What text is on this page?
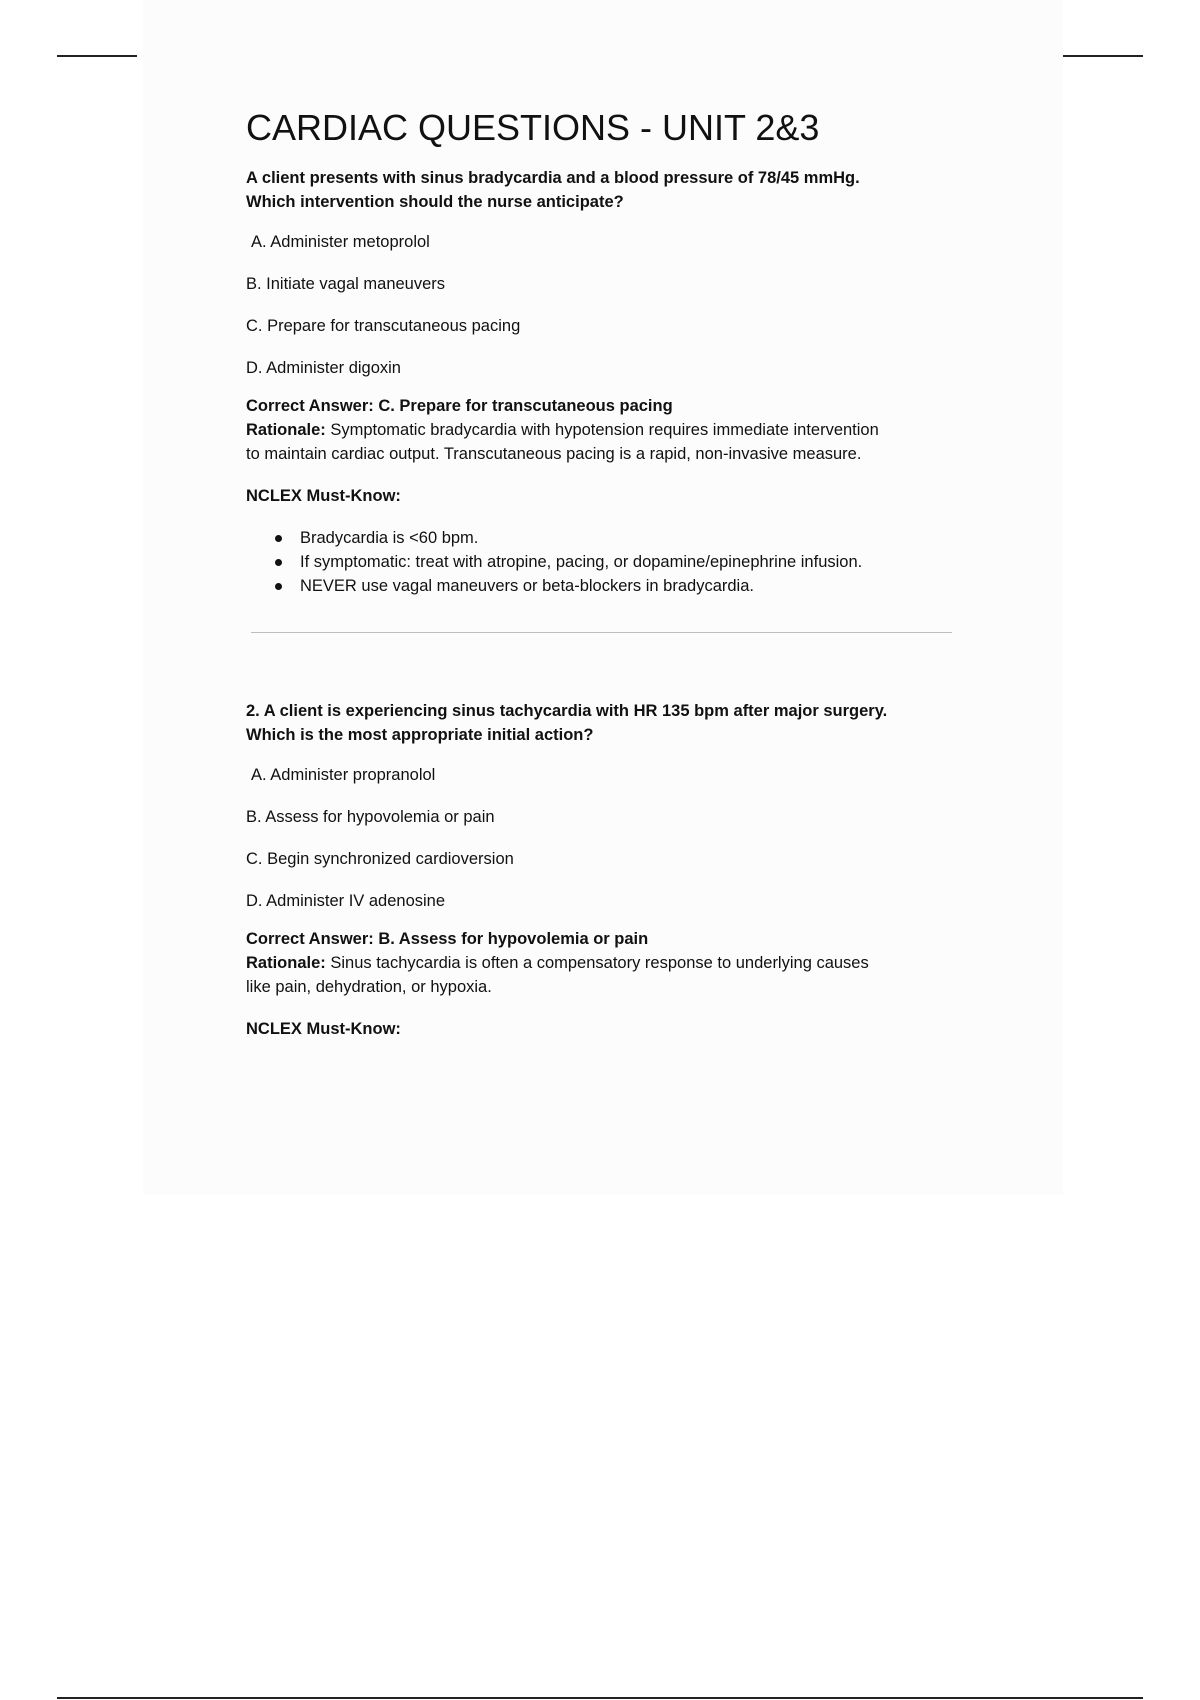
CARDIAC QUESTIONS - UNIT 2&3

A client presents with sinus bradycardia and a blood pressure of 78/45 mmHg.
Which intervention should the nurse anticipate?

A. Administer metoprolol
B. Initiate vagal maneuvers
C. Prepare for transcutaneous pacing
D. Administer digoxin
Correct Answer: C. Prepare for transcutaneous pacing
Rationale: Symptomatic bradycardia with hypotension requires immediate intervention
to maintain cardiac output. Transcutaneous pacing is a rapid, non-invasive measure.
NCLEX Must-Know:
Bradycardia is <60 bpm.
If symptomatic: treat with atropine, pacing, or dopamine/epinephrine infusion.
NEVER use vagal maneuvers or beta-blockers in bradycardia.

2. A client is experiencing sinus tachycardia with HR 135 bpm after major surgery.
Which is the most appropriate initial action?

A. Administer propranolol
B. Assess for hypovolemia or pain
C. Begin synchronized cardioversion
D. Administer IV adenosine
Correct Answer: B. Assess for hypovolemia or pain
Rationale: Sinus tachycardia is often a compensatory response to underlying causes
like pain, dehydration, or hypoxia.
NCLEX Must-Know:
